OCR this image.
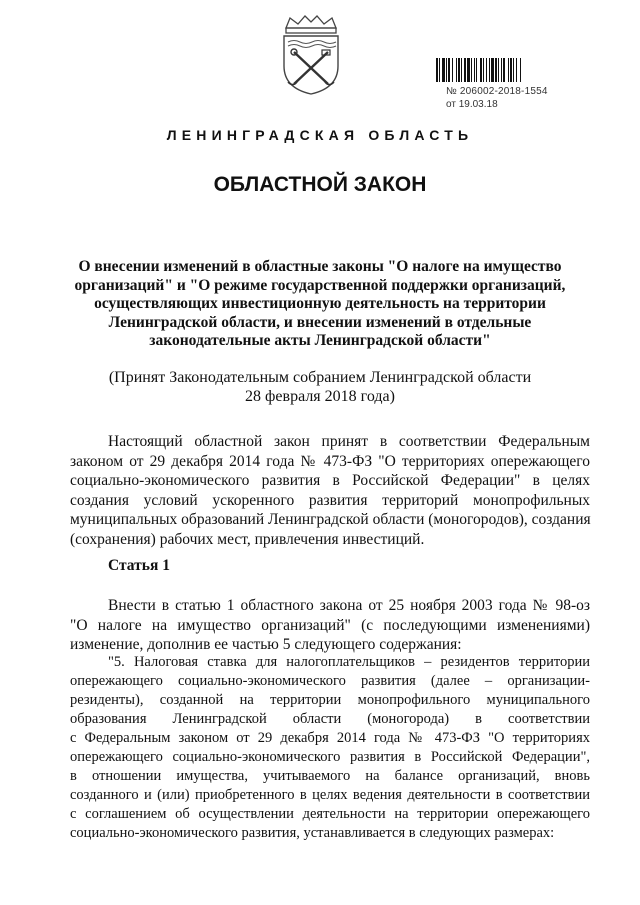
№ 206002-2018-1554
от 19.03.18
ЛЕНИНГРАДСКАЯ ОБЛАСТЬ
ОБЛАСТНОЙ ЗАКОН
О внесении изменений в областные законы "О налоге на имущество
организаций" и "О режиме государственной поддержки организаций,
осуществляющих инвестиционную деятельность на территории
Ленинградской области, и внесении изменений в отдельные
законодательные акты Ленинградской области"
(Принят Законодательным собранием Ленинградской области
28 февраля 2018 года)
Настоящий областной закон принят в соответствии Федеральным
законом от 29 декабря 2014 года № 473-ФЗ "О территориях опережающего
социально-экономического развития в Российской Федерации" в целях
создания условий ускоренного развития территорий монопрофильных
муниципальных образований Ленинградской области (моногородов), создания
(сохранения) рабочих мест, привлечения инвестиций.
Статья 1
Внести в статью 1 областного закона от 25 ноября 2003 года № 98-оз
"О налоге на имущество организаций" (с последующими изменениями)
изменение, дополнив ее частью 5 следующего содержания:
"5. Налоговая ставка для налогоплательщиков – резидентов территории
опережающего социально-экономического развития (далее – организации-
резиденты), созданной на территории монопрофильного муниципального
образования Ленинградской области (моногорода) в соответствии
с Федеральным законом от 29 декабря 2014 года № 473-ФЗ "О территориях
опережающего социально-экономического развития в Российской Федерации",
в отношении имущества, учитываемого на балансе организаций, вновь
созданного и (или) приобретенного в целях ведения деятельности в соответствии
с соглашением об осуществлении деятельности на территории опережающего
социально-экономического развития, устанавливается в следующих размерах:
